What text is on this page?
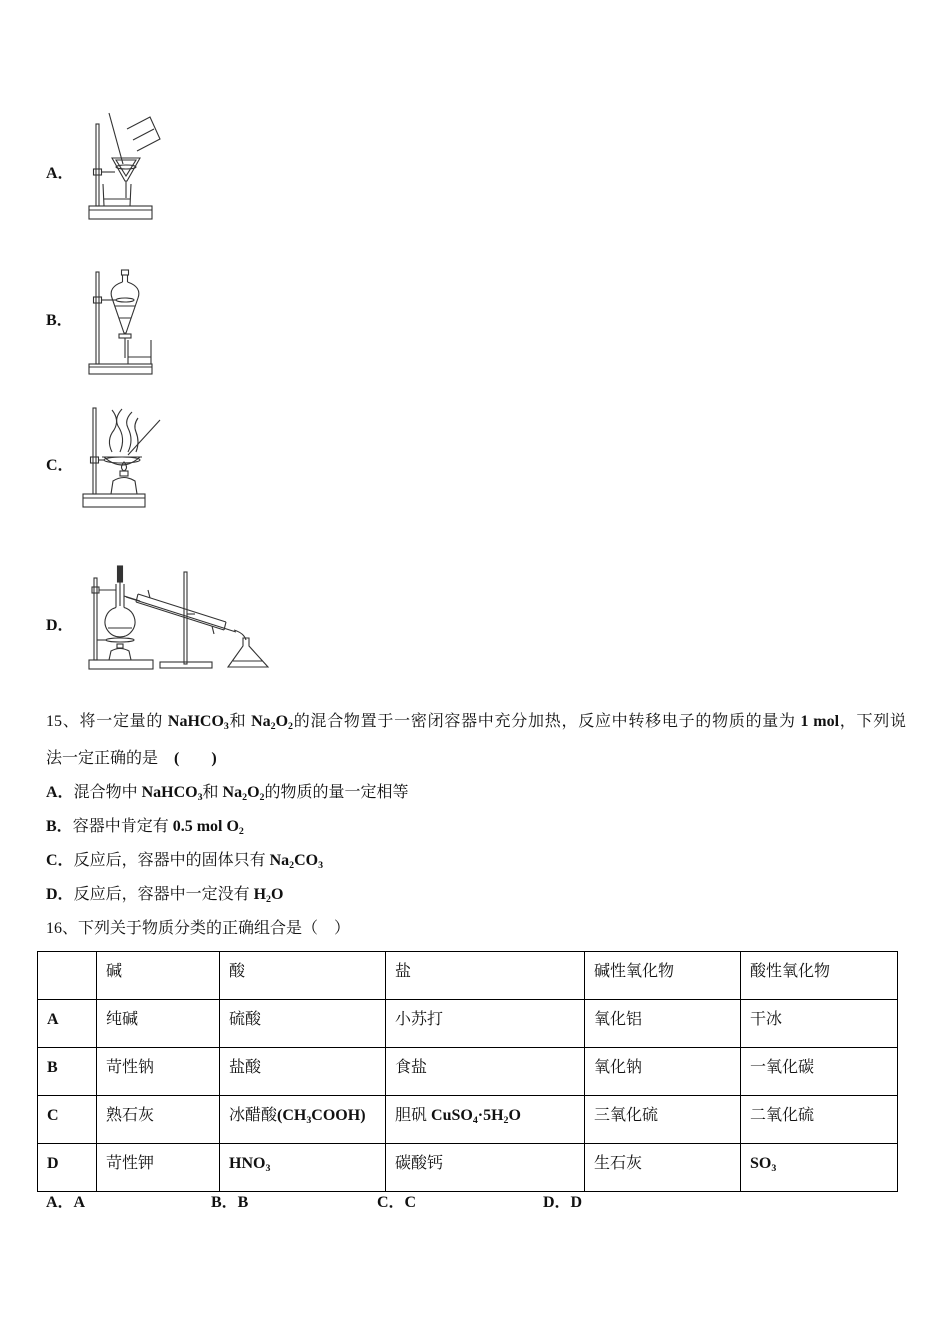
A．
B．
C．
D．
15、将一定量的 NaHCO$_3$和 $Na_2O_2$的混合物置于一密闭容器中充分加热，反应中转移电子的物质的量为 1 mol，下列说
法一定正确的是　(　　)
A．混合物中 NaHCO$_3$和 $Na_2O_2$的物质的量一定相等
B．容器中肯定有 0.5 mol $O_2$
C．反应后，容器中的固体只有 $Na_2CO_3$
D．反应后，容器中一定没有 $H_2O$
16、下列关于物质分类的正确组合是（　）
	碱	酸	盐	碱性氧化物	酸性氧化物
A	纯碱	硫酸	小苏打	氧化铝	干冰
B	苛性钠	盐酸	食盐	氧化钠	一氧化碳
C	熟石灰	冰醋酸$(CH_3COOH)$	胆矾 $CuSO_4\cdot 5H_2O$	三氧化硫	二氧化硫
D	苛性钾	$HNO_3$	碳酸钙	生石灰	$SO_3$
A．A	B．B	C．C	D．D
